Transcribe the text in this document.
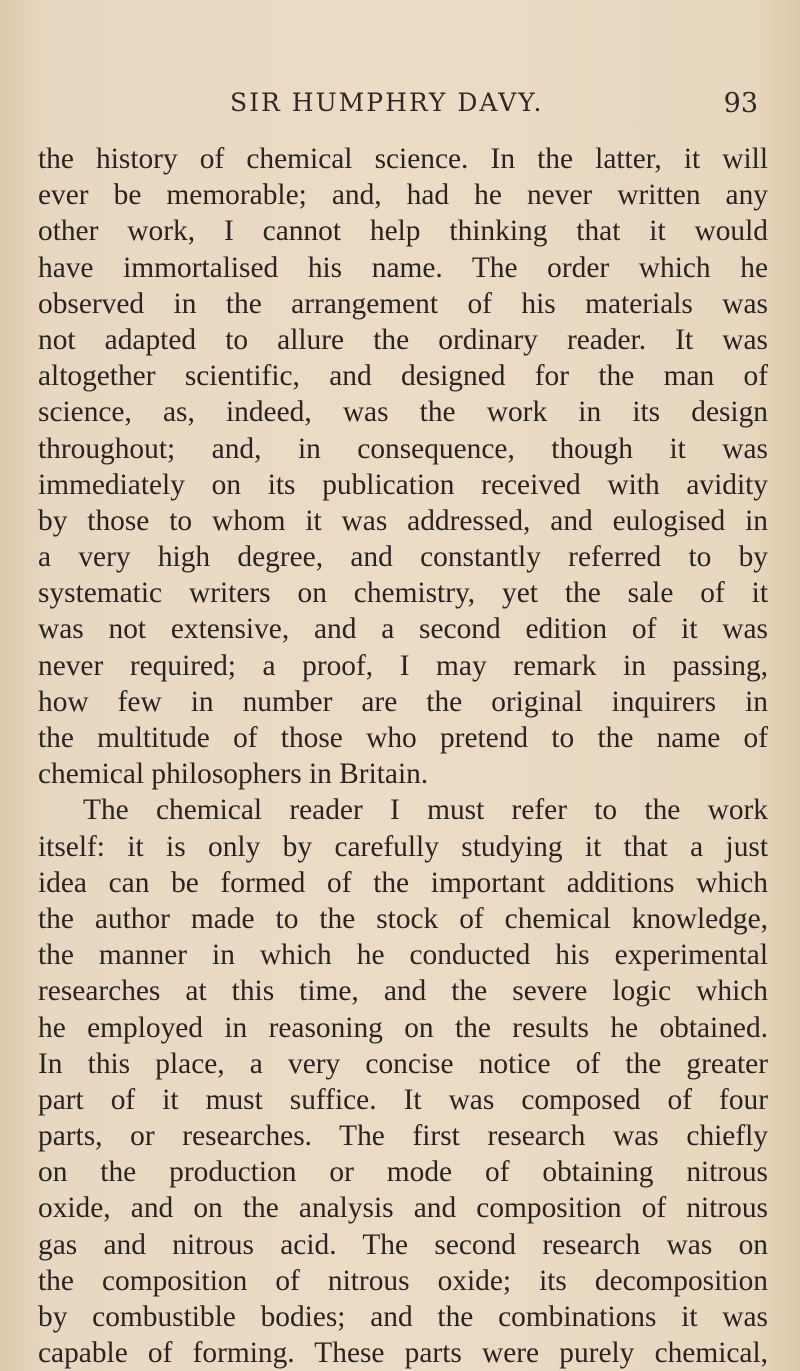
SIR HUMPHRY DAVY.	93
the history of chemical science. In the latter, it will
ever be memorable; and, had he never written any
other work, I cannot help thinking that it would
have immortalised his name. The order which he
observed in the arrangement of his materials was
not adapted to allure the ordinary reader. It was
altogether scientific, and designed for the man of
science, as, indeed, was the work in its design
throughout; and, in consequence, though it was
immediately on its publication received with avidity
by those to whom it was addressed, and eulogised in
a very high degree, and constantly referred to by
systematic writers on chemistry, yet the sale of it
was not extensive, and a second edition of it was
never required; a proof, I may remark in passing,
how few in number are the original inquirers in
the multitude of those who pretend to the name of
chemical philosophers in Britain.
The chemical reader I must refer to the work
itself: it is only by carefully studying it that a just
idea can be formed of the important additions which
the author made to the stock of chemical knowledge,
the manner in which he conducted his experimental
researches at this time, and the severe logic which
he employed in reasoning on the results he obtained.
In this place, a very concise notice of the greater
part of it must suffice. It was composed of four
parts, or researches. The first research was chiefly
on the production or mode of obtaining nitrous
oxide, and on the analysis and composition of nitrous
gas and nitrous acid. The second research was on
the composition of nitrous oxide; its decomposition
by combustible bodies; and the combinations it was
capable of forming. These parts were purely chemical,
